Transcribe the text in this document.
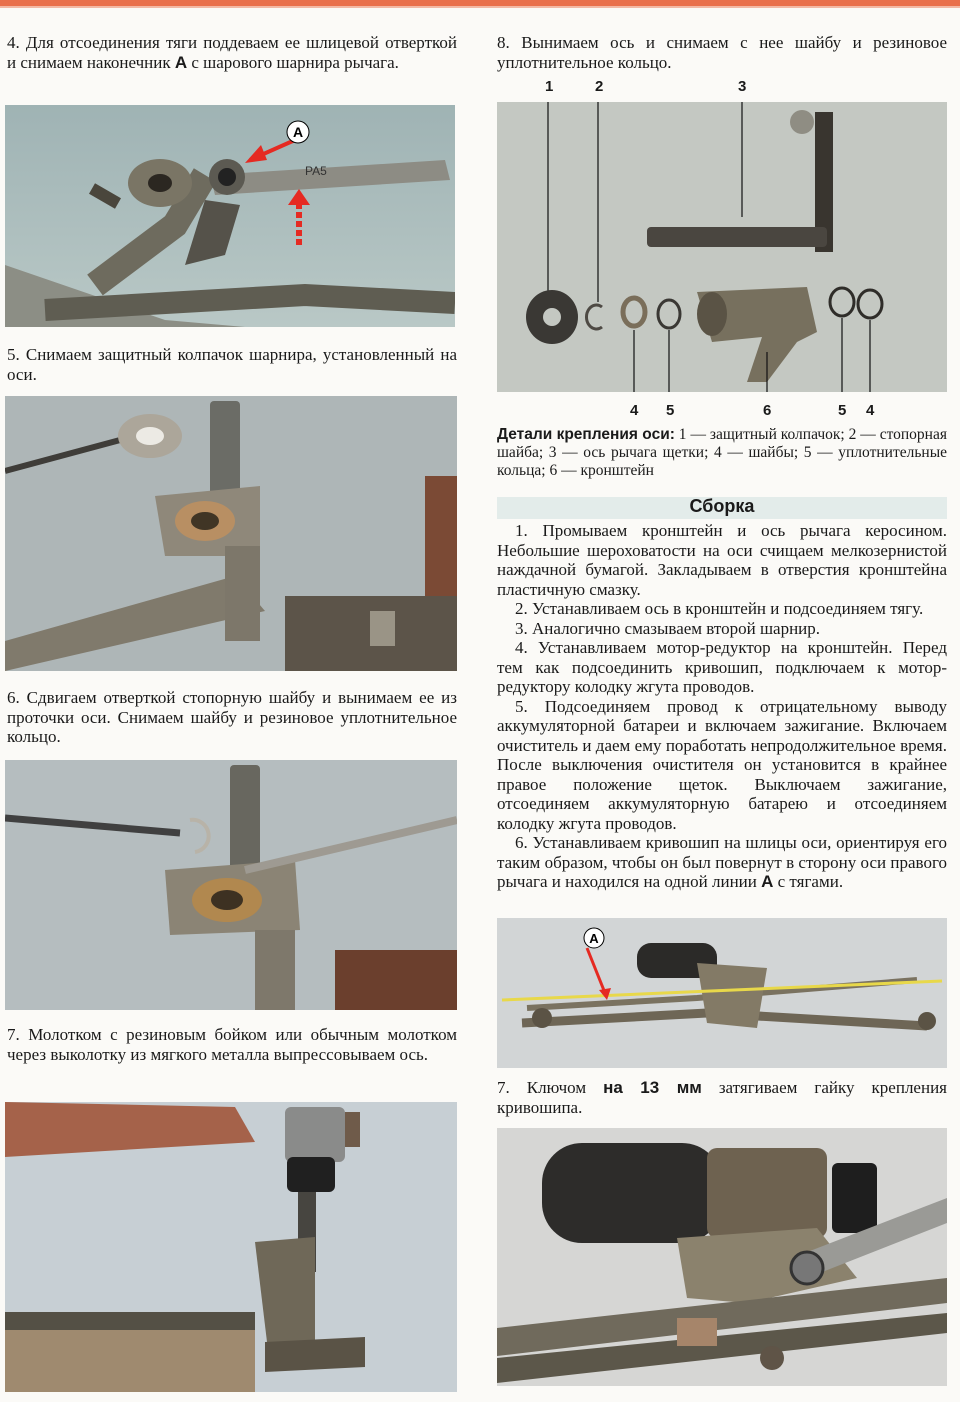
4. Для отсоединения тяги поддеваем ее шлицевой отверткой и снимаем наконечник А с шарового шарнира рычага.

PA5
A

5. Снимаем защитный колпачок шарнира, установленный на оси.

6. Сдвигаем отверткой стопорную шайбу и вынимаем ее из проточки оси. Снимаем шайбу и резиновое уплотнительное кольцо.

7. Молотком с резиновым бойком или обычным молотком через выколотку из мягкого металла выпрессовываем ось.

8. Вынимаем ось и снимаем с нее шайбу и резиновое уплотнительное кольцо.

1	2	3
4 5	6	5 4

Детали крепления оси: 1 — защитный колпачок; 2 — стопорная шайба; 3 — ось рычага щетки; 4 — шайбы; 5 — уплотнительные кольца; 6 — кронштейн

Сборка

1. Промываем кронштейн и ось рычага керосином. Небольшие шероховатости на оси счищаем мелкозернистой наждачной бумагой. Закладываем в отверстия кронштейна пластичную смазку.

2. Устанавливаем ось в кронштейн и подсоединяем тягу.

3. Аналогично смазываем второй шарнир.

4. Устанавливаем мотор-редуктор на кронштейн. Перед тем как подсоединить кривошип, подключаем к мотор-редуктору колодку жгута проводов.

5. Подсоединяем провод к отрицательному выводу аккумуляторной батареи и включаем зажигание. Включаем очиститель и даем ему поработать непродолжительное время. После выключения очистителя он установится в крайнее правое положение щеток. Выключаем зажигание, отсоединяем аккумуляторную батарею и отсоединяем колодку жгута проводов.

6. Устанавливаем кривошип на шлицы оси, ориентируя его таким образом, чтобы он был повернут в сторону оси правого рычага и находился на одной линии А с тягами.

A

7. Ключом на 13 мм затягиваем гайку крепления кривошипа.
